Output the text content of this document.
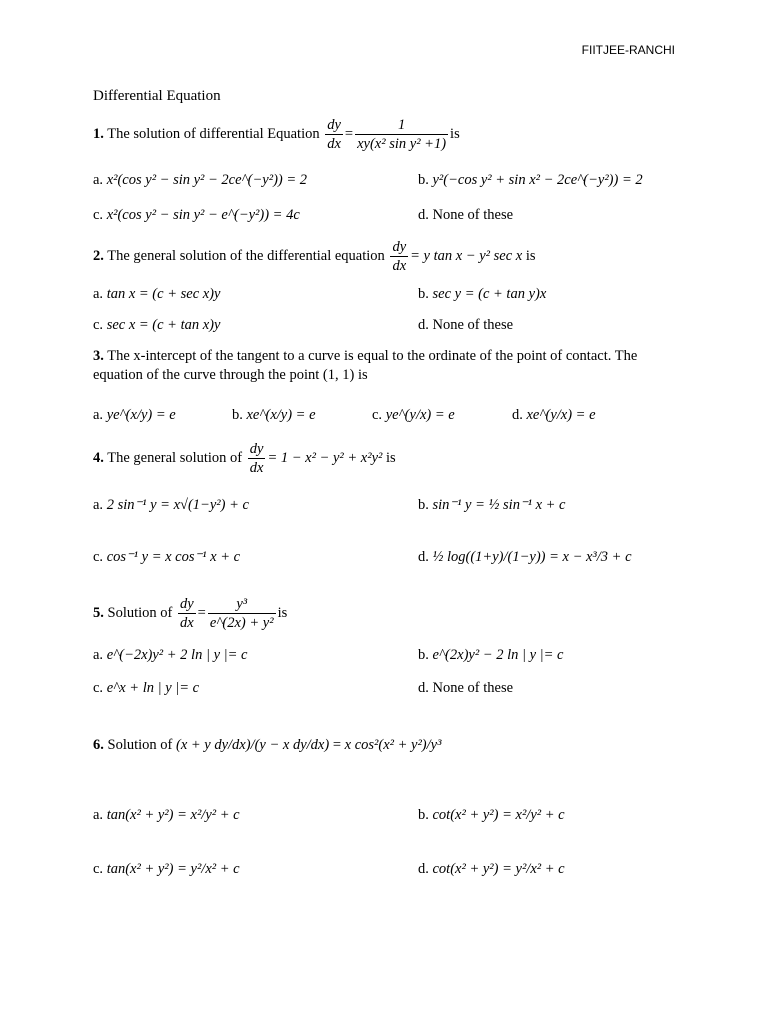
FIITJEE-RANCHI
Differential Equation
1. The solution of differential Equation $\frac{dy}{dx} = \frac{1}{\text{xy(x² sin y² +1)}}$ is
a. x²(cos y² − sin y² − 2ce^(−y²)) = 2	b. y²(−cos y² + sin x² − 2ce^(−y²)) = 2
c. x²(cos y² − sin y² − e^(−y²)) = 4c	d. None of these
2. The general solution of the differential equation $\frac{dy}{dx} = y$ tan x − y² sec x is
a. tan x = (c + sec x)y	b. sec y = (c + tan y)x
c. sec x = (c + tan x)y	d. None of these
3. The x-intercept of the tangent to a curve is equal to the ordinate of the point of contact. The equation of the curve through the point (1, 1) is
a. ye^(x/y) = e	b. xe^(x/y) = e	c. ye^(y/x) = e	d. xe^(y/x) = e
4. The general solution of $\frac{dy}{dx} = 1 - x^2 - y^2 + x^2y^2$ is
a. 2 sin⁻¹ y = x√(1−y²) + c	b. sin⁻¹ y = ½ sin⁻¹ x + c
c. cos⁻¹ y = x cos⁻¹ x + c	d. ½ log((1+y)/(1−y)) = x − x³/3 + c
5. Solution of $\frac{dy}{dx} = \frac{\text{y³}}{\text{e\textasciicircum{}(2x) + y²}}$ is
a. e^(−2x)y² + 2 ln | y |= c	b. e^(2x)y² − 2 ln | y |= c
c. e^x + ln | y |= c	d. None of these
6. Solution of (x + y dy/dx)/(y − x dy/dx) = x cos²(x² + y²)/y³
a. tan(x² + y²) = x²/y² + c	b. cot(x² + y²) = x²/y² + c
c. tan(x² + y²) = y²/x² + c	d. cot(x² + y²) = y²/x² + c
